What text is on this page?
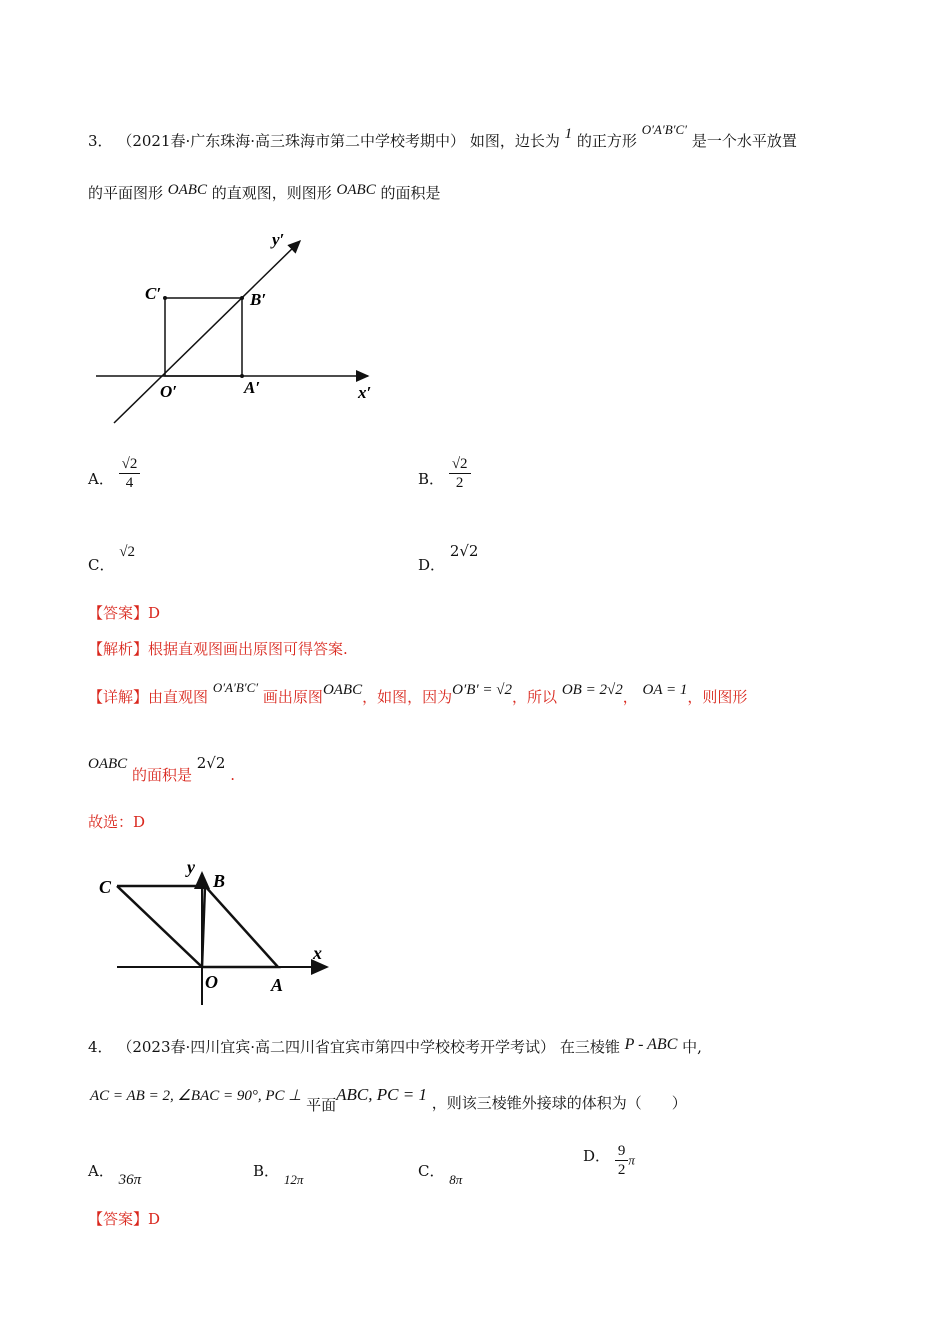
3． （2021春·广东珠海·高三珠海市第二中学校考期中） 如图，边长为 1 的正方形 O′A′B′C′ 是一个水平放置
的平面图形 OABC 的直观图，则图形 OABC 的面积是
y′
C′	B′
O′	A′	x′
A． $\frac{√2}{4}$	B． $\frac{√2}{2}$
C． √2
D． 2√2
【答案】D
【解析】根据直观图画出原图可得答案.
【详解】由直观图 O′A′B′C′ 画出原图OABC，如图，因为O′B′ = √2，所以 OB = 2√2， OA = 1，则图形
OABC 的面积是 2√2 .
故选：D
y
C	B
x
O	A
4． （2023春·四川宜宾·高二四川省宜宾市第四中学校校考开学考试） 在三棱锥 P - ABC 中,
AC = AB = 2, ∠BAC = 90°, PC ⊥ 平面ABC, PC = 1 ，则该三棱锥外接球的体积为（　　）
A． 36π	B． 12π	C． 8π
D． $\frac{9}{2}$ π
【答案】D
